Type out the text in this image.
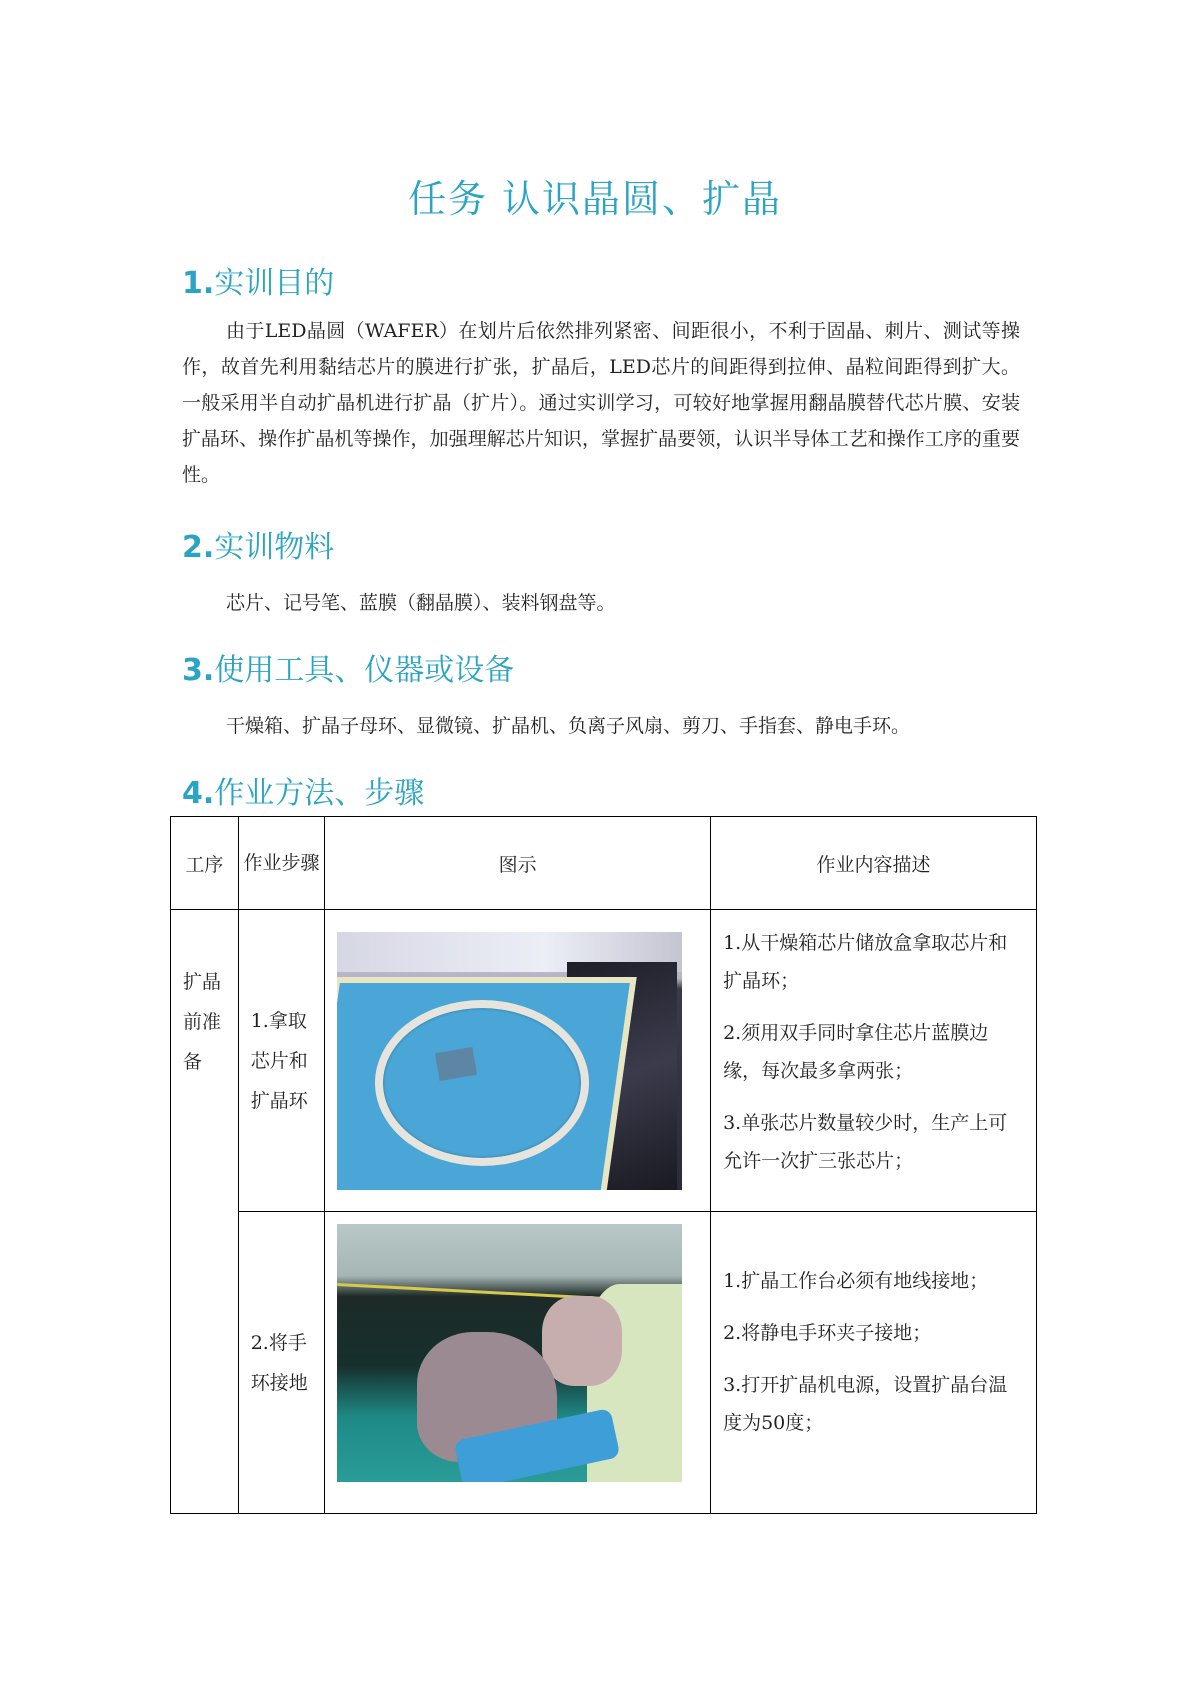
任务 认识晶圆、扩晶
1.实训目的
由于LED晶圆（WAFER）在划片后依然排列紧密、间距很小，不利于固晶、刺片、测试等操作，故首先利用黏结芯片的膜进行扩张，扩晶后，LED芯片的间距得到拉伸、晶粒间距得到扩大。一般采用半自动扩晶机进行扩晶（扩片）。通过实训学习，可较好地掌握用翻晶膜替代芯片膜、安装扩晶环、操作扩晶机等操作，加强理解芯片知识，掌握扩晶要领，认识半导体工艺和操作工序的重要性。
2.实训物料
芯片、记号笔、蓝膜（翻晶膜）、装料钢盘等。
3.使用工具、仪器或设备
干燥箱、扩晶子母环、显微镜、扩晶机、负离子风扇、剪刀、手指套、静电手环。
4.作业方法、步骤
工序	作业步骤	图示	作业内容描述

扩晶前准备	1.拿取芯片和扩晶环		1.从干燥箱芯片储放盒拿取芯片和扩晶环；

2.须用双手同时拿住芯片蓝膜边缘，每次最多拿两张；

3.单张芯片数量较少时，生产上可允许一次扩三张芯片；

	2.将手环接地		1.扩晶工作台必须有地线接地；

2.将静电手环夹子接地；

3.打开扩晶机电源，设置扩晶台温度为50度；
